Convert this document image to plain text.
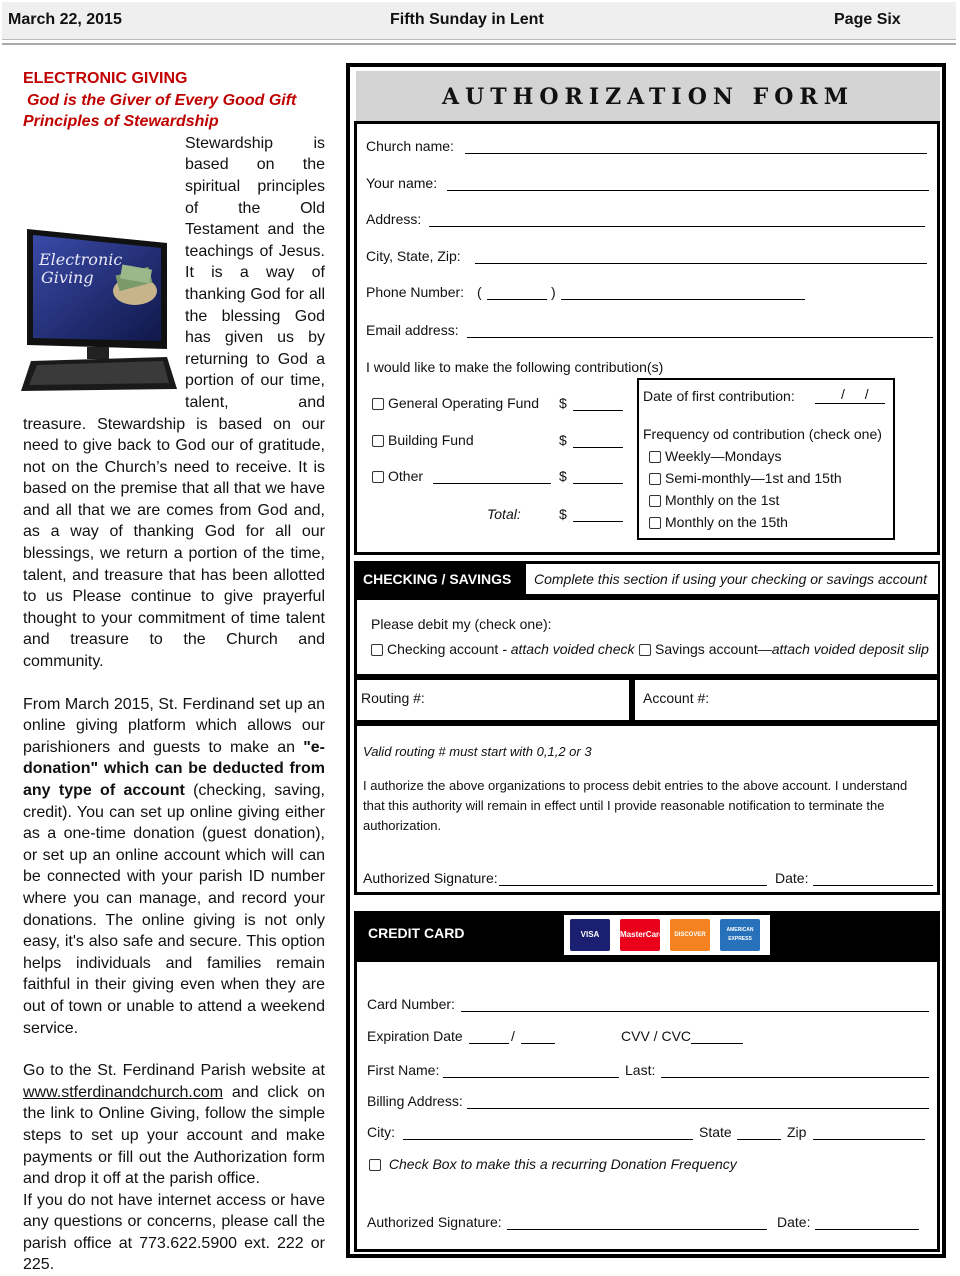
March 22, 2015	Fifth Sunday in Lent	Page Six
ELECTRONIC GIVING
God is the Giver of Every Good Gift
Principles of Stewardship
Electronic
Giving
Stewardship is based on the spiritual principles of the Old Testament and the teachings of Jesus. It is a way of thanking God for all the blessing God has given us by returning to God a portion of our time, talent, and treasure. Stewardship is based on our need to give back to God our of gratitude, not on the Church’s need to receive. It is based on the premise that all that we have and all that we are comes from God and, as a way of thanking God for all our blessings, we return a portion of the time, talent, and treasure that has been allotted to us Please continue to give prayerful thought to your commitment of time talent and treasure to the Church and community.
From March 2015, St. Ferdinand set up an online giving platform which allows our parishioners and guests to make an "e-donation" which can be deducted from any type of account (checking, saving, credit). You can set up online giving either as a one-time donation (guest donation), or set up an online account which will can be connected with your parish ID number where you can manage, and record your donations. The online giving is not only easy, it's also safe and secure. This option helps individuals and families remain faithful in their giving even when they are out of town or unable to attend a weekend service.
Go to the St. Ferdinand Parish website at www.stferdinandchurch.com and click on the link to Online Giving, follow the simple steps to set up your account and make payments or fill out the Authorization form and drop it off at the parish office.
If you do not have internet access or have any questions or concerns, please call the parish office at 773.622.5900 ext. 222 or 225.
AUTHORIZATION FORM
Church name:
Your name:
Address:
City, State, Zip:
Phone Number: (	)
Email address:
I would like to make the following contribution(s)
General Operating Fund $
Building Fund	$
Other	$
Total:	$
Date of first contribution:	/ /
Frequency od contribution (check one)
Weekly—Mondays
Semi-monthly—1st and 15th
Monthly on the 1st
Monthly on the 15th
CHECKING / SAVINGS	Complete this section if using your checking or savings account
Please debit my (check one):
Checking account - attach voided check	Savings account—attach voided deposit slip
Routing #:	Account #:
Valid routing # must start with 0,1,2 or 3
I authorize the above organizations to process debit entries to the above account. I understand that this authority will remain in effect until I provide reasonable notification to terminate the authorization.
Authorized Signature:	Date:
CREDIT CARD	VISA	MasterCard	DISCOVER
AMERICAN EXPRESS
Card Number:
Expiration Date	/	CVV / CVC
First Name:	Last:
Billing Address:
City:	State	Zip
Check Box to make this a recurring Donation Frequency
Authorized Signature:	Date:
